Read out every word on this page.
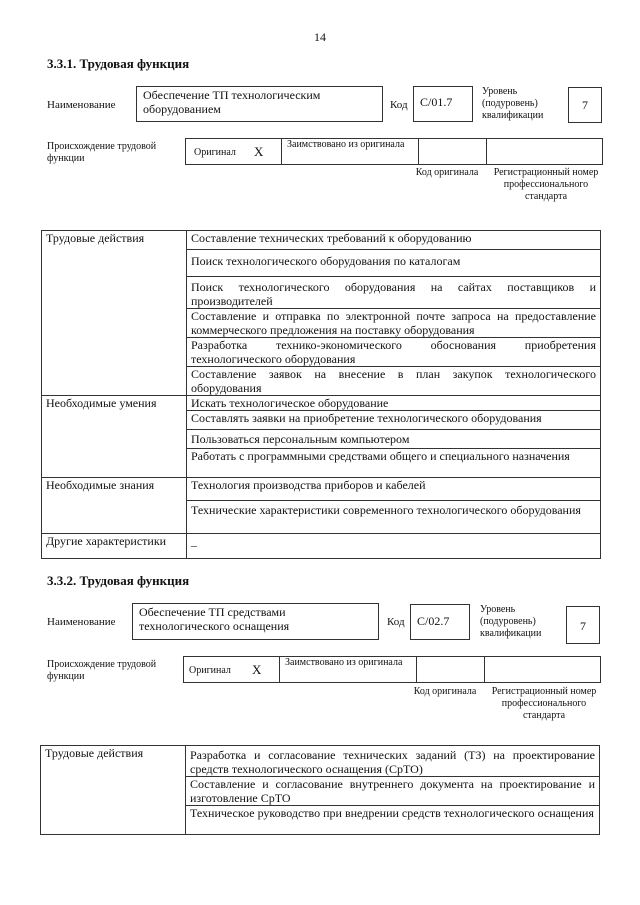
14
3.3.1. Трудовая функция
Наименование
Обеспечение ТП технологическим оборудованием	Код	С/01.7
Уровень (подуровень) квалификации
7
Происхождение трудовой функции
Оригинал Х Заимствовано из оригинала
Код оригинала	Регистрационный номер профессионального стандарта
Трудовые действия	Составление технических требований к оборудованию
	Поиск технологического оборудования по каталогам
	Поиск технологического оборудования на сайтах поставщиков и производителей
	Составление и отправка по электронной почте запроса на предоставление коммерческого предложения на поставку оборудования
	Разработка технико-экономического обоснования приобретения технологического оборудования
	Составление заявок на внесение в план закупок технологического оборудования
Необходимые умения	Искать технологическое оборудование
	Составлять заявки на приобретение технологического оборудования
	Пользоваться персональным компьютером
	Работать с программными средствами общего и специального назначения
Необходимые знания	Технология производства приборов и кабелей
	Технические характеристики современного технологического оборудования
Другие характеристики	–
3.3.2. Трудовая функция
Наименование
Обеспечение ТП средствами технологического оснащения	Код	С/02.7
Уровень (подуровень) квалификации
7
Происхождение трудовой функции
Оригинал Х Заимствовано из оригинала
Код оригинала	Регистрационный номер профессионального стандарта
Трудовые действия	Разработка и согласование технических заданий (ТЗ) на проектирование средств технологического оснащения (СрТО)
Составление и согласование внутреннего документа на проектирование и изготовление СрТО
Техническое руководство при внедрении средств технологического оснащения
